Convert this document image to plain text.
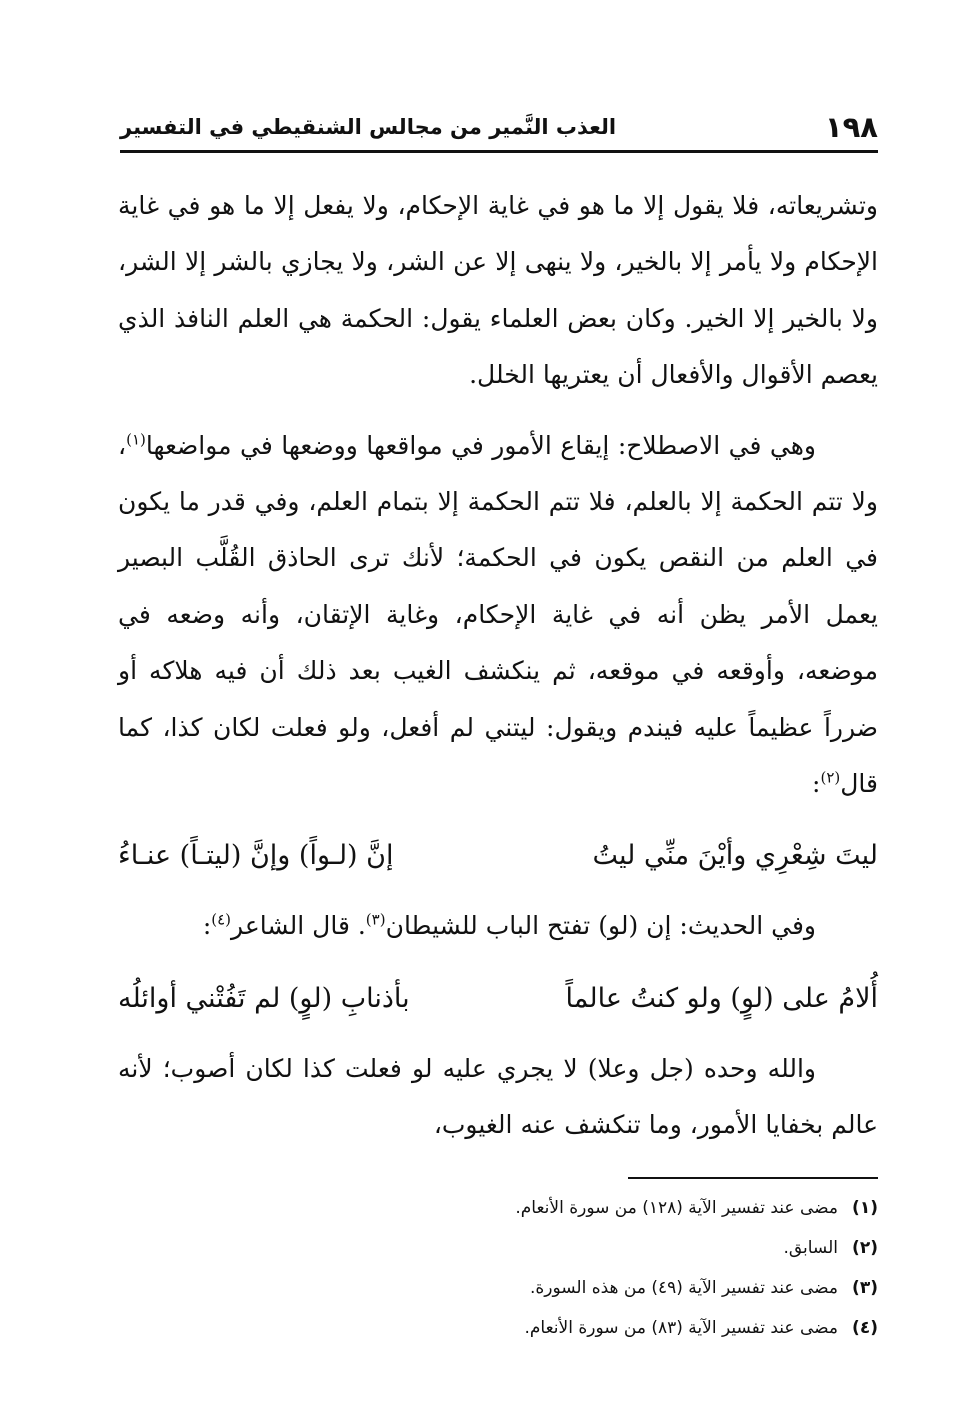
١٩٨
العذب النَّمير من مجالس الشنقيطي في التفسير

وتشريعاته، فلا يقول إلا ما هو في غاية الإحكام، ولا يفعل إلا ما هو في غاية الإحكام ولا يأمر إلا بالخير، ولا ينهى إلا عن الشر، ولا يجازي بالشر إلا الشر، ولا بالخير إلا الخير. وكان بعض العلماء يقول: الحكمة هي العلم النافذ الذي يعصم الأقوال والأفعال أن يعتريها الخلل.

وهي في الاصطلاح: إيقاع الأمور في مواقعها ووضعها في مواضعها$^{(١)}$، ولا تتم الحكمة إلا بالعلم، فلا تتم الحكمة إلا بتمام العلم، وفي قدر ما يكون في العلم من النقص يكون في الحكمة؛ لأنك ترى الحاذق القُلَّب البصير يعمل الأمر يظن أنه في غاية الإحكام، وغاية الإتقان، وأنه وضعه في موضعه، وأوقعه في موقعه، ثم ينكشف الغيب بعد ذلك أن فيه هلاكه أو ضرراً عظيماً عليه فيندم ويقول: ليتني لم أفعل، ولو فعلت لكان كذا، كما قال$^{(٢)}$:

ليتَ شِعْرِي وأيْنَ منِّي ليتُ
إنَّ (لـواً) وإنَّ (ليتـاً) عنـاءُ

وفي الحديث: إن (لو) تفتح الباب للشيطان$^{(٣)}$. قال الشاعر$^{(٤)}$:

أُلامُ على (لوٍ) ولو كنتُ عالماً
بأذنابِ (لوٍ) لم تَفُتْني أوائلُه

والله وحده (جل وعلا) لا يجري عليه لو فعلت كذا لكان أصوب؛ لأنه عالم بخفايا الأمور، وما تنكشف عنه الغيوب،

(١)
مضى عند تفسير الآية (١٢٨) من سورة الأنعام.
(٢)
السابق.
(٣)
مضى عند تفسير الآية (٤٩) من هذه السورة.
(٤)
مضى عند تفسير الآية (٨٣) من سورة الأنعام.
